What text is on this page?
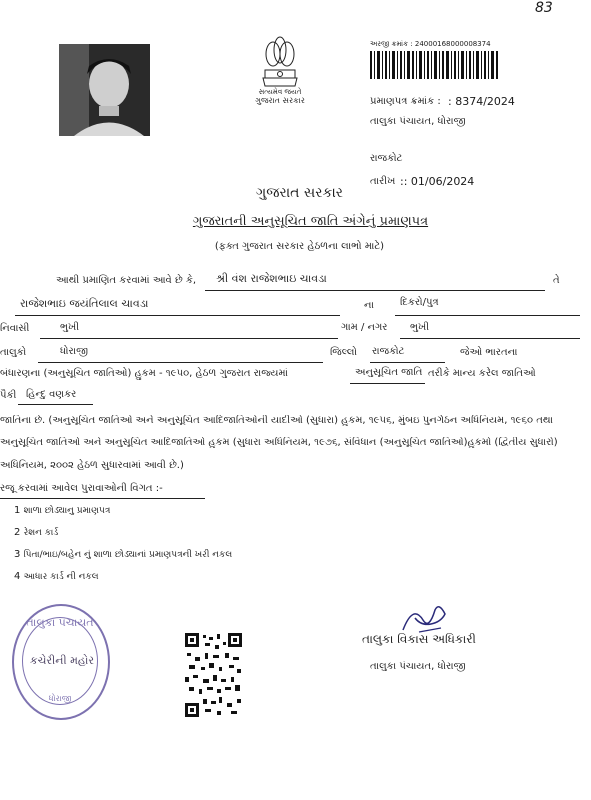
83
સત્યમેવ જયતે
ગુજરાત સરકાર
અરજી ક્રમાંક : 24000168000008374
પ્રમાણપત્ર ક્રમાંક : : 8374/2024
તાલુકા પંચાયત, ધોરાજી
રાજકોટ
તારીખ :: 01/06/2024
ગુજરાત સરકાર
ગુજરાતની અનુસૂચિત જાતિ અંગેનું પ્રમાણપત્ર
(ફક્ત ગુજરાત સરકાર હેઠળના લાભો માટે)
આથી પ્રમાણિત કરવામાં આવે છે કે, શ્રી વંશ રાજેશભાઇ ચાવડા	તે
રાજેશભાઇ જયંતિલાલ ચાવડા	ના	દિકરો/પુત્ર
નિવાસી	ભુખી	ગામ / નગર ભુખી
તાલુકો	ધોરાજી	જિલ્લો રાજકોટ	જેઓ ભારતના
બંધારણના (અનુસૂચિત જાતિઓ) હુકમ - ૧૯૫૦, હેઠળ ગુજરાત રાજ્યમાં	અનુસૂચિત જાતિ તરીકે માન્ય કરેલ જાતિઓ
પૈકી હિન્દુ વણકર
જાતિના છે. (અનુસૂચિત જાતિઓ અને અનુસૂચિત આદિજાતિઓની યાદીઓ (સુધારા) હુકમ, ૧૯૫૬, મુંબઇ પુનર્ગઠન અધિનિયમ, ૧૯૬૦ તથા
અનુસૂચિત જાતિઓ અને અનુસૂચિત આદિજાતિઓ હુકમ (સુધારા અધિનિયમ, ૧૯૭૬, સંવિધાન (અનુસૂચિત જાતિઓ)હુકમો (દ્વિતીય સુધારો)
અધિનિયમ, ૨૦૦૨ હેઠળ સુધારવામાં આવી છે.)
રજૂ કરવામાં આવેલ પુરાવાઓની વિગત :-
1 શાળા છોડ્યાનુ પ્રમાણપત્ર
2 રેશન કાર્ડ
3 પિતા/ભાઇ/બહેન નું શાળા છોડ્યાનાં પ્રમાણપત્રની ખરી નકલ
4 આધાર કાર્ડ ની નકલ
તાલુકા પંચાયત
કચેરીની મહોર
ધોરાજી
તાલુકા વિકાસ અધિકારી
તાલુકા પંચાયત, ધોરાજી
